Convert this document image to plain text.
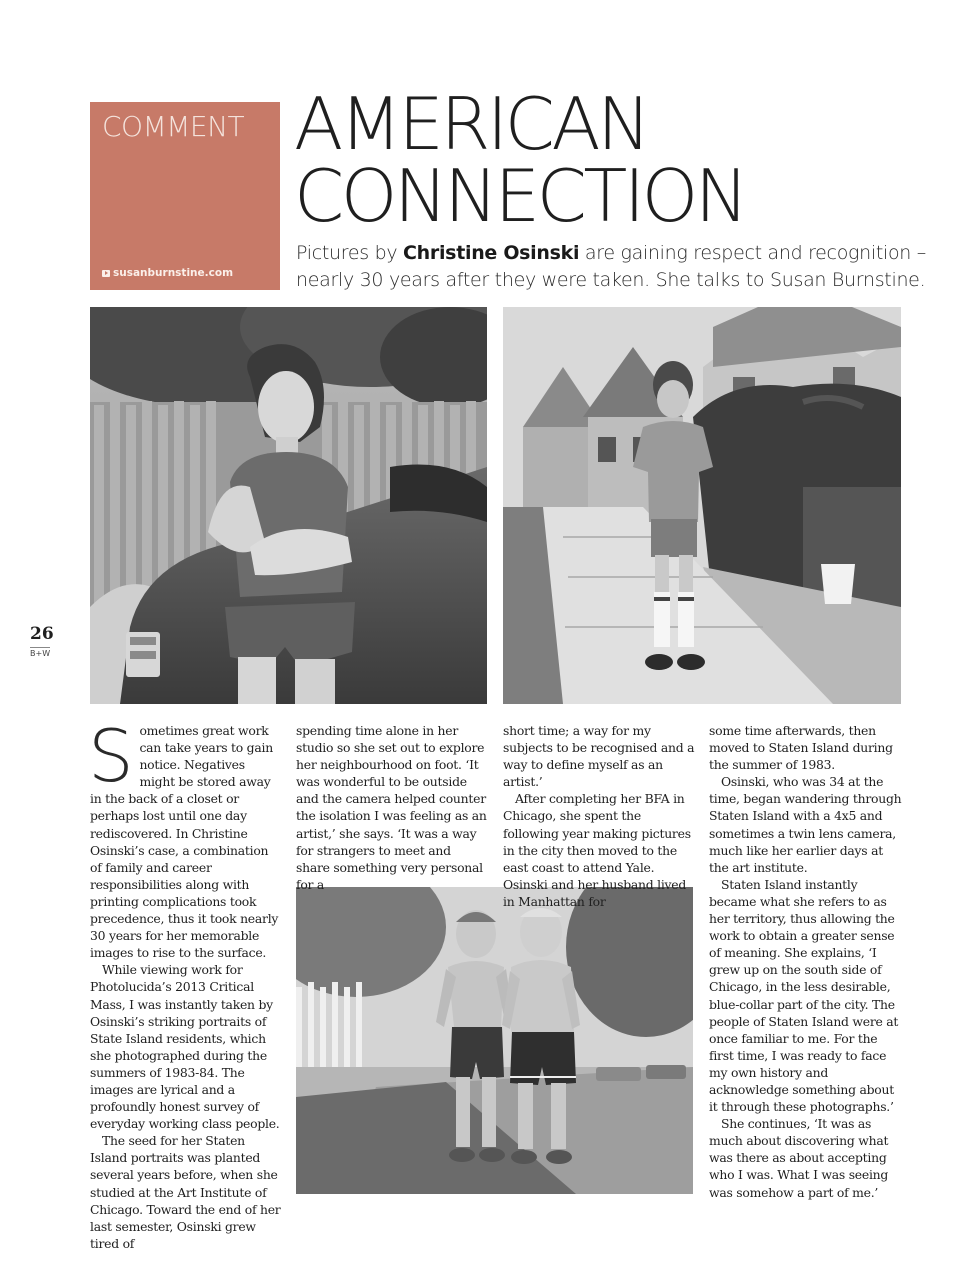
COMMENT
susanburnstine.com
AMERICAN
CONNECTION
Pictures by Christine Osinski are gaining respect and recognition – nearly 30 years after they were taken. She talks to Susan Burnstine.
26
B+W
S ometimes great work can take years to gain notice. Negatives might be stored away in the back of a closet or perhaps lost until one day rediscovered. In Christine Osinski’s case, a combination of family and career responsibilities along with printing complications took precedence, thus it took nearly 30 years for her memorable images to rise to the surface.

While viewing work for Photolucida’s 2013 Critical Mass, I was instantly taken by Osinski’s striking portraits of State Island residents, which she photographed during the summers of 1983-84. The images are lyrical and a profoundly honest survey of everyday working class people.

The seed for her Staten Island portraits was planted several years before, when she studied at the Art Institute of Chicago. Toward the end of her last semester, Osinski grew tired of

spending time alone in her studio so she set out to explore her neighbourhood on foot. ‘It was wonderful to be outside and the camera helped counter the isolation I was feeling as an artist,’ she says. ‘It was a way for strangers to meet and share something very personal for a

short time; a way for my subjects to be recognised and a way to define myself as an artist.’

After completing her BFA in Chicago, she spent the following year making pictures in the city then moved to the east coast to attend Yale. Osinski and her husband lived in Manhattan for

some time afterwards, then moved to Staten Island during the summer of 1983.

Osinski, who was 34 at the time, began wandering through Staten Island with a 4x5 and sometimes a twin lens camera, much like her earlier days at the art institute.

Staten Island instantly became what she refers to as her territory, thus allowing the work to obtain a greater sense of meaning. She explains, ‘I grew up on the south side of Chicago, in the less desirable, blue-collar part of the city. The people of Staten Island were at once familiar to me. For the first time, I was ready to face my own history and acknowledge something about it through these photographs.’

She continues, ‘It was as much about discovering what was there as about accepting who I was. What I was seeing was somehow a part of me.’
